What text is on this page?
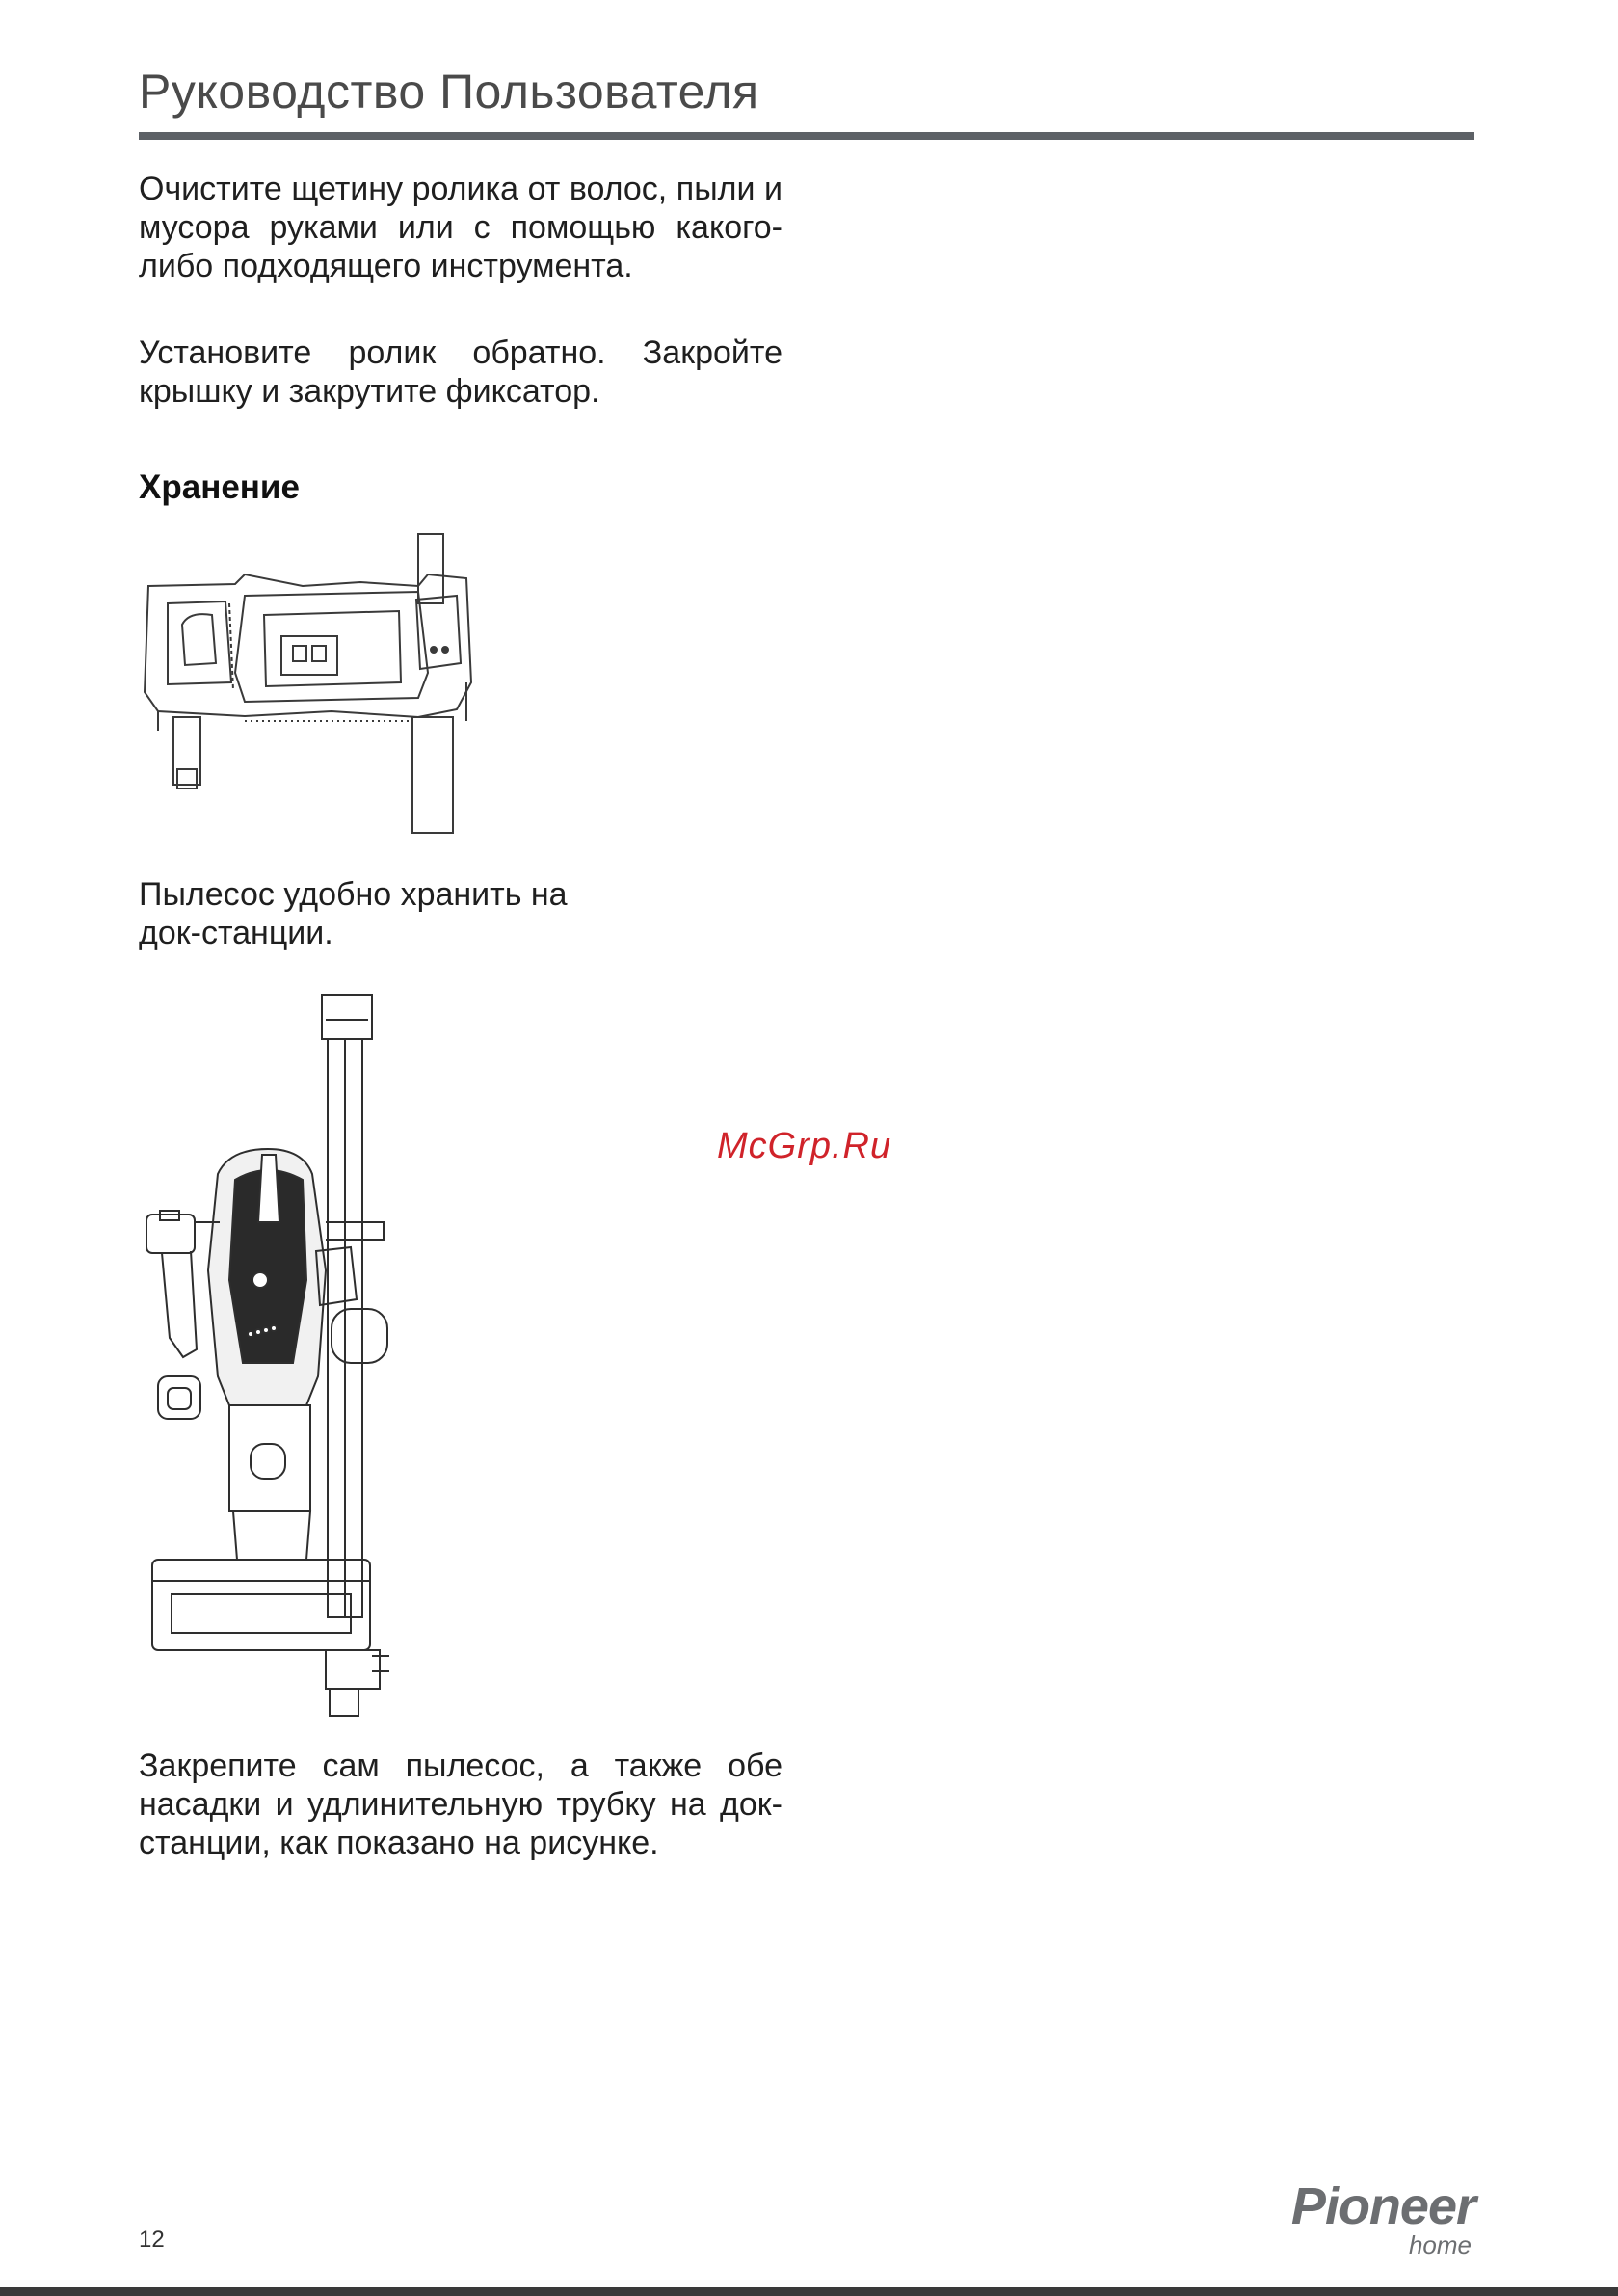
Руководство Пользователя

Очистите щетину ролика от волос, пыли и мусора руками или с помощью какого-либо подходящего инструмента.

Установите ролик обратно. Закройте крышку и закрутите фиксатор.

Хранение

Пылесос удобно хранить на док-станции.

McGrp.Ru

Закрепите сам пылесос, а также обе насадки и удлинительную трубку на док-станции, как показано на рисунке.

12
Pioneer
home
